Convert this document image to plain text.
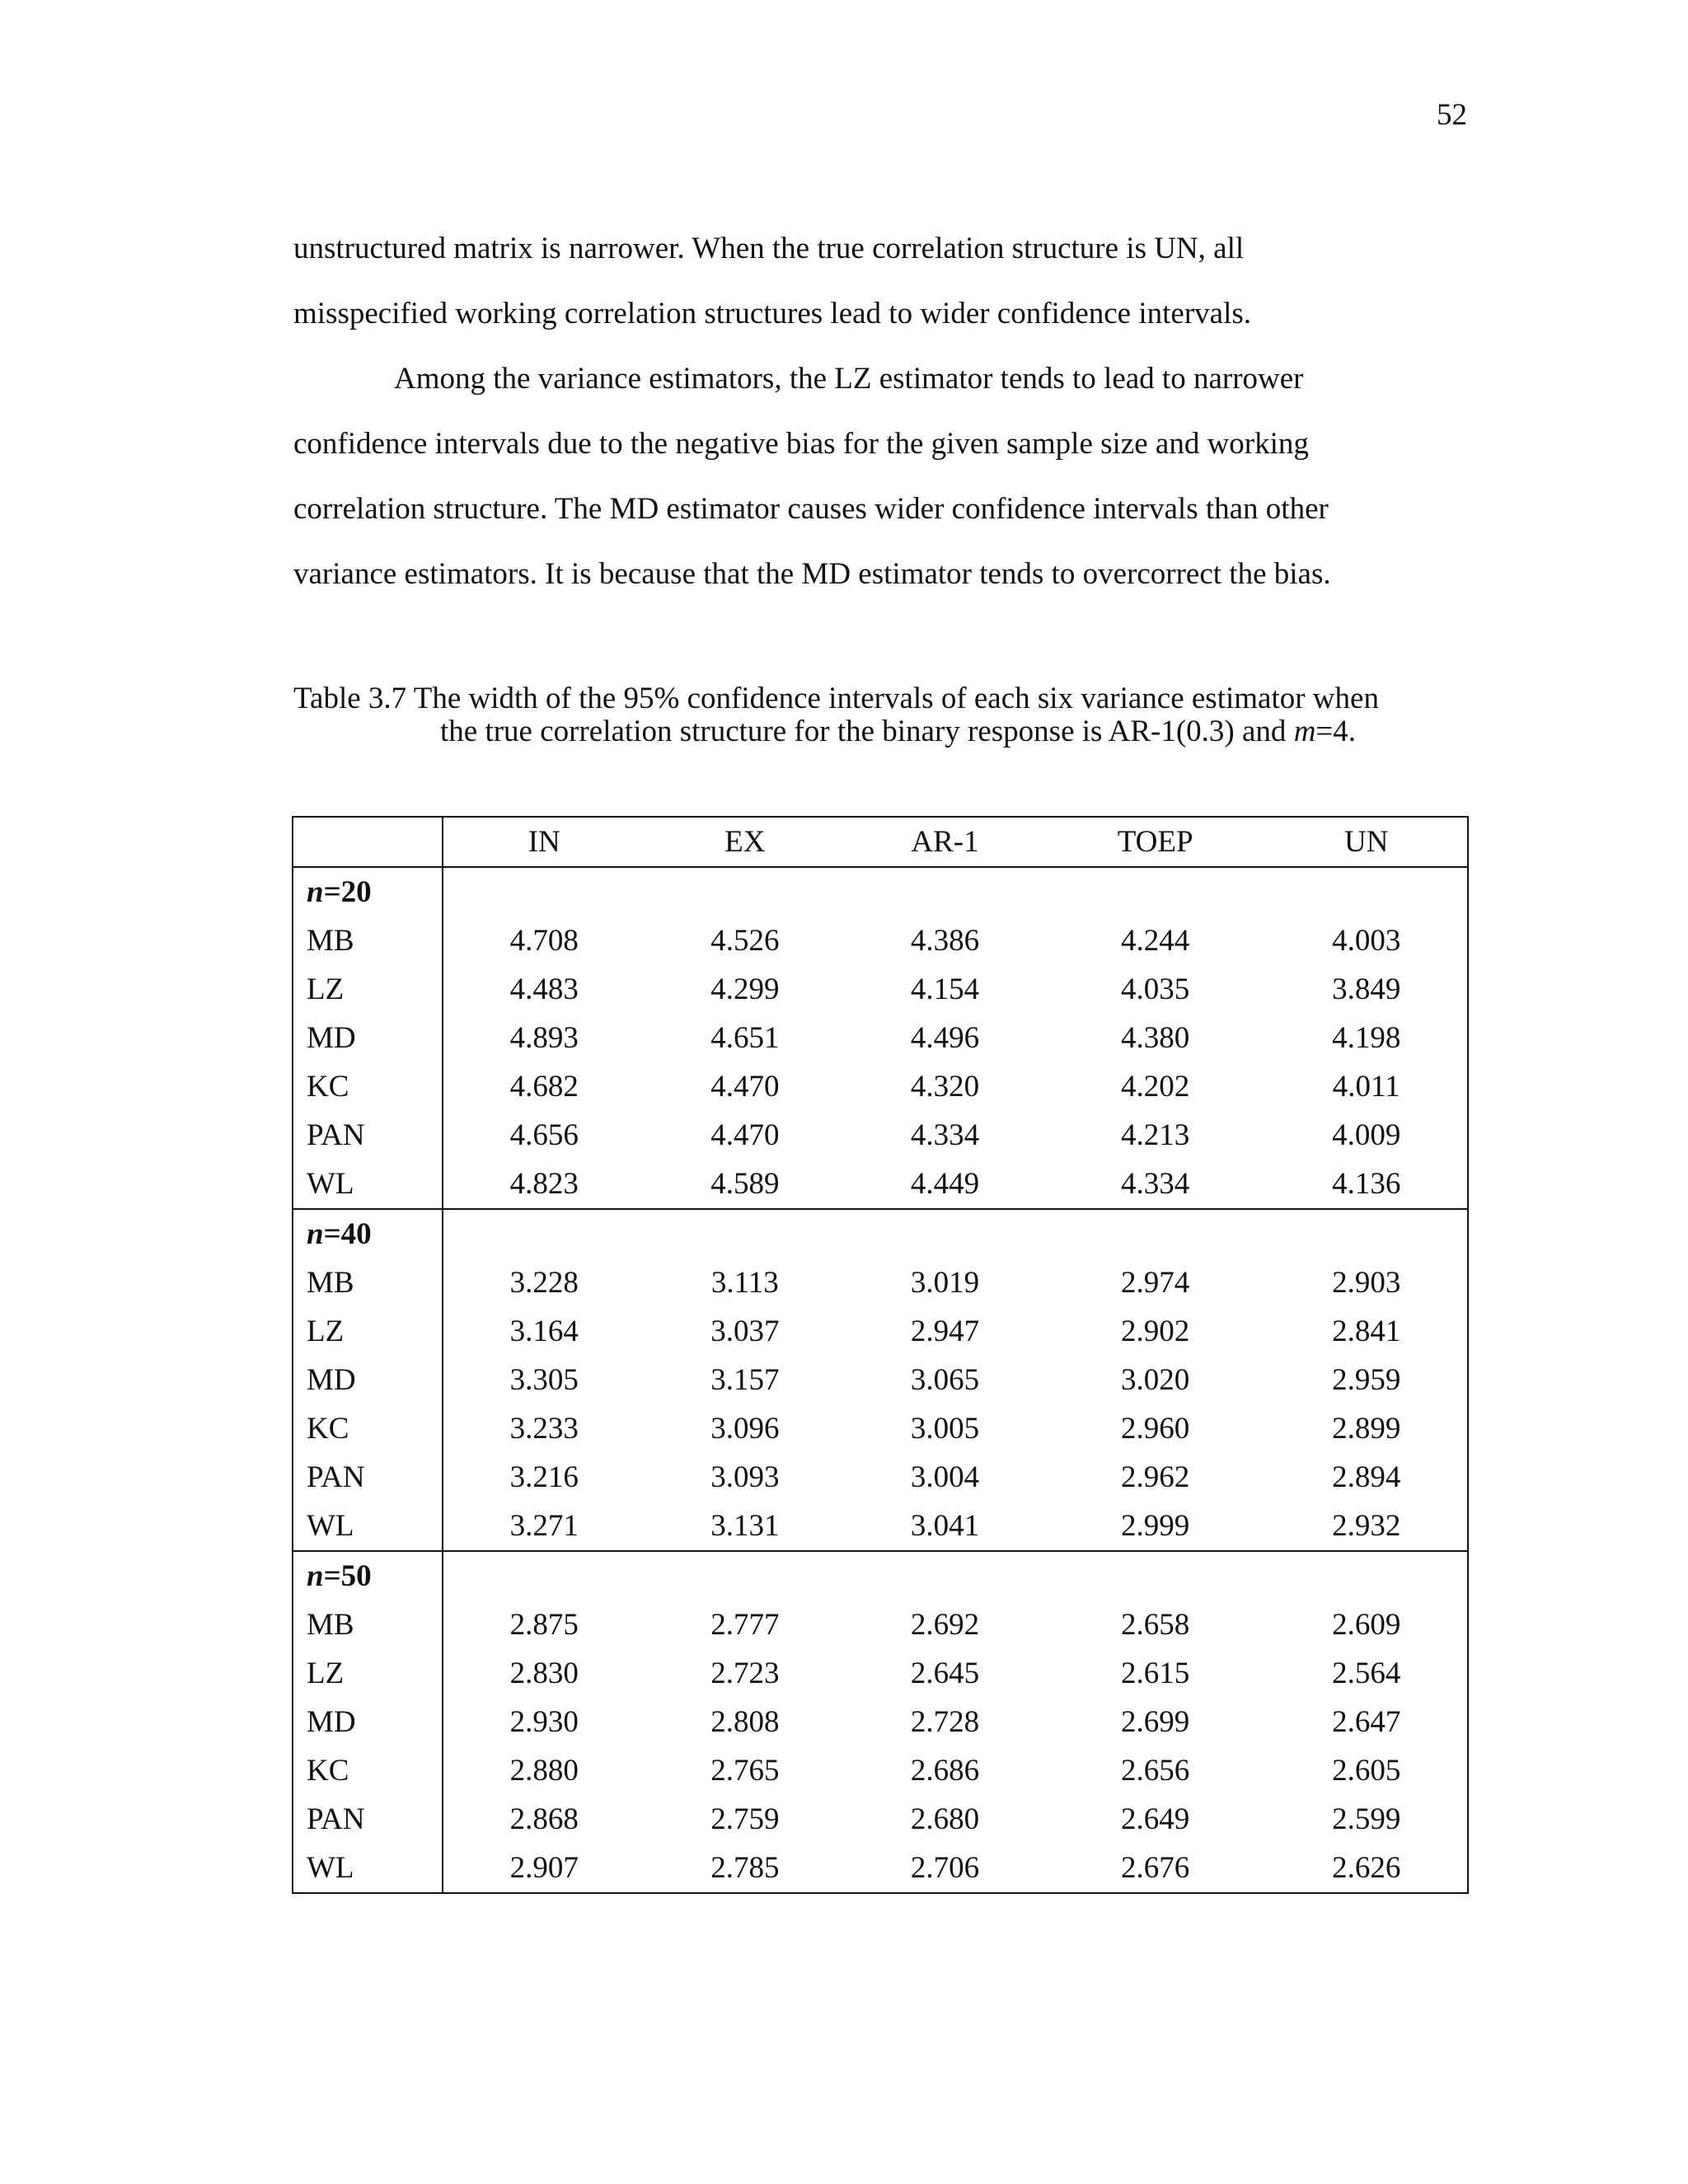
52

unstructured matrix is narrower. When the true correlation structure is UN, all

misspecified working correlation structures lead to wider confidence intervals.

Among the variance estimators, the LZ estimator tends to lead to narrower

confidence intervals due to the negative bias for the given sample size and working

correlation structure. The MD estimator causes wider confidence intervals than other

variance estimators. It is because that the MD estimator tends to overcorrect the bias.

Table 3.7 The width of the 95% confidence intervals of each six variance estimator when
the true correlation structure for the binary response is AR-1(0.3) and m=4.
	IN	EX	AR-1	TOEP	UN
n=20					
MB	4.708	4.526	4.386	4.244	4.003
LZ	4.483	4.299	4.154	4.035	3.849
MD	4.893	4.651	4.496	4.380	4.198
KC	4.682	4.470	4.320	4.202	4.011
PAN	4.656	4.470	4.334	4.213	4.009
WL	4.823	4.589	4.449	4.334	4.136
n=40					
MB	3.228	3.113	3.019	2.974	2.903
LZ	3.164	3.037	2.947	2.902	2.841
MD	3.305	3.157	3.065	3.020	2.959
KC	3.233	3.096	3.005	2.960	2.899
PAN	3.216	3.093	3.004	2.962	2.894
WL	3.271	3.131	3.041	2.999	2.932
n=50					
MB	2.875	2.777	2.692	2.658	2.609
LZ	2.830	2.723	2.645	2.615	2.564
MD	2.930	2.808	2.728	2.699	2.647
KC	2.880	2.765	2.686	2.656	2.605
PAN	2.868	2.759	2.680	2.649	2.599
WL	2.907	2.785	2.706	2.676	2.626
